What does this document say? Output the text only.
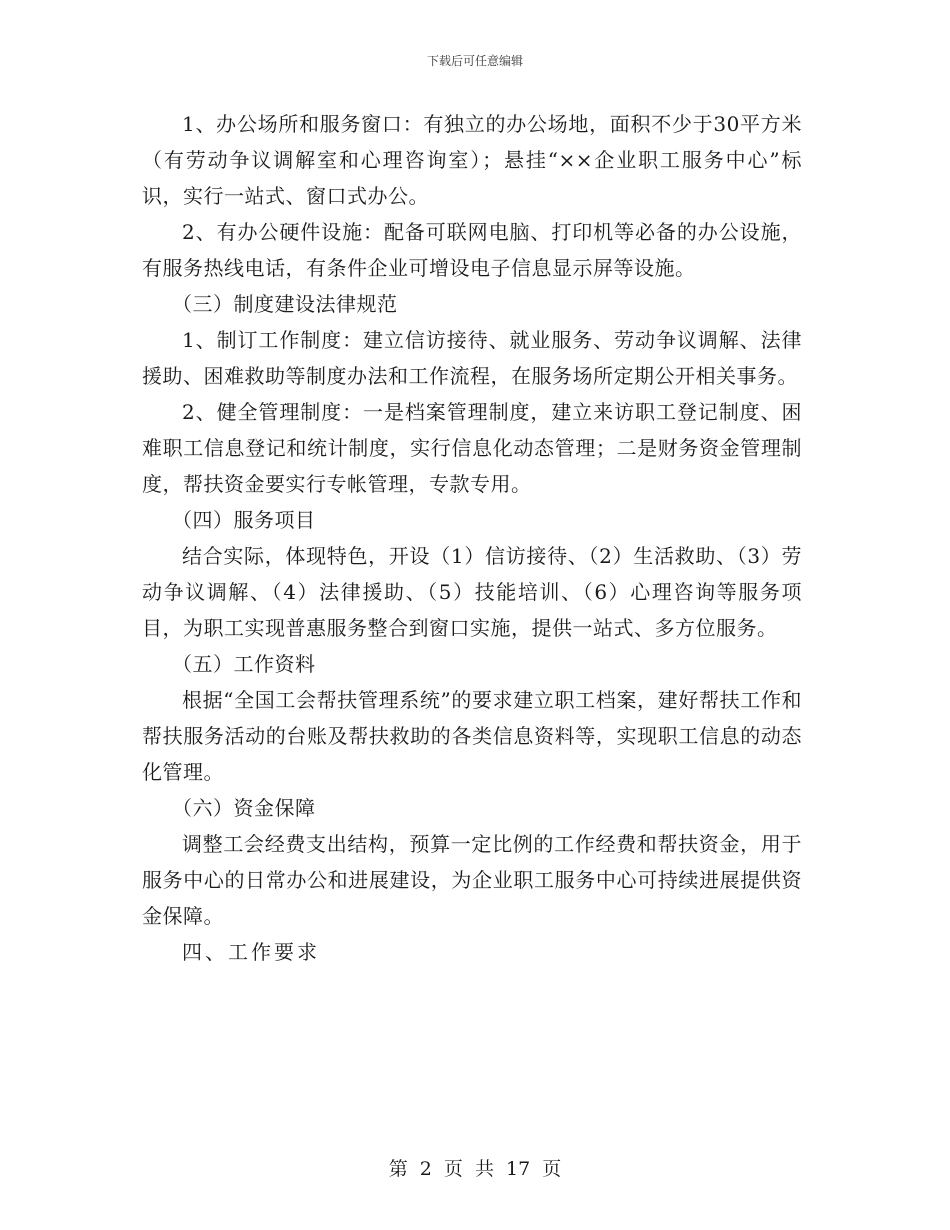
下载后可任意编辑

1、办公场所和服务窗口：有独立的办公场地，面积不少于30平方米（有劳动争议调解室和心理咨询室）；悬挂“××企业职工服务中心”标识，实行一站式、窗口式办公。

2、有办公硬件设施：配备可联网电脑、打印机等必备的办公设施，有服务热线电话，有条件企业可增设电子信息显示屏等设施。

（三）制度建设法律规范

1、制订工作制度：建立信访接待、就业服务、劳动争议调解、法律援助、困难救助等制度办法和工作流程，在服务场所定期公开相关事务。

2、健全管理制度：一是档案管理制度，建立来访职工登记制度、困难职工信息登记和统计制度，实行信息化动态管理；二是财务资金管理制度，帮扶资金要实行专帐管理，专款专用。

（四）服务项目

结合实际，体现特色，开设（1）信访接待、（2）生活救助、（3）劳动争议调解、（4）法律援助、（5）技能培训、（6）心理咨询等服务项目，为职工实现普惠服务整合到窗口实施，提供一站式、多方位服务。

（五）工作资料

根据“全国工会帮扶管理系统”的要求建立职工档案，建好帮扶工作和帮扶服务活动的台账及帮扶救助的各类信息资料等，实现职工信息的动态化管理。

（六）资金保障

调整工会经费支出结构，预算一定比例的工作经费和帮扶资金，用于服务中心的日常办公和进展建设，为企业职工服务中心可持续进展提供资金保障。

四、工作要求

第 2 页 共 17 页
